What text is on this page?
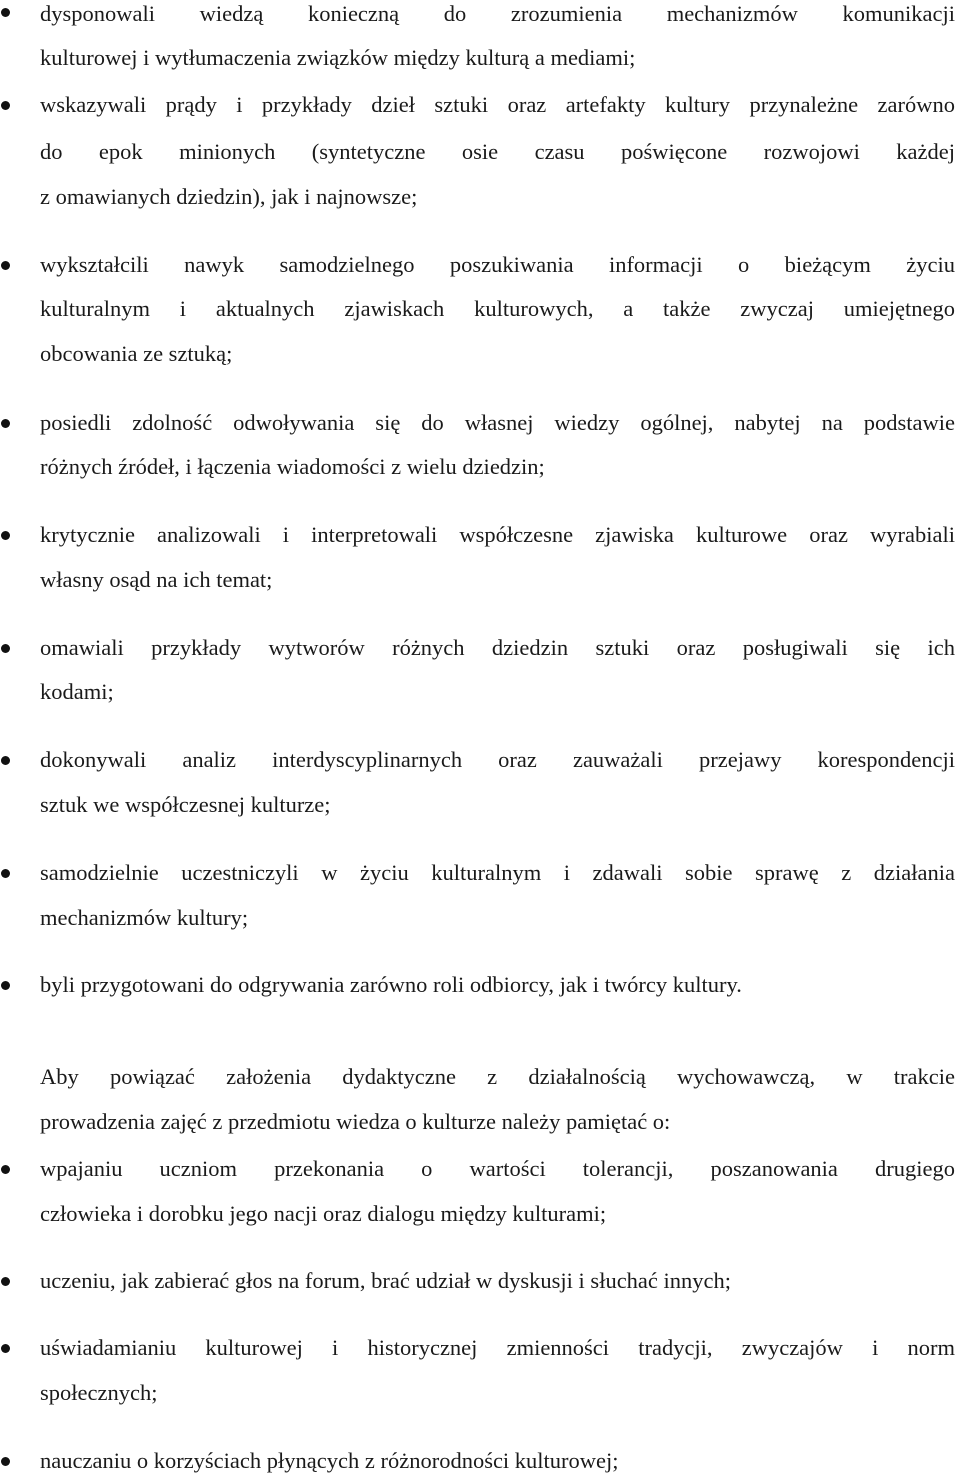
dysponowali wiedzą konieczną do zrozumienia mechanizmów komunikacji
kulturowej i wytłumaczenia związków między kulturą a mediami;
wskazywali prądy i przykłady dzieł sztuki oraz artefakty kultury przynależne zarówno
do epok minionych (syntetyczne osie czasu poświęcone rozwojowi każdej
z omawianych dziedzin), jak i najnowsze;
wykształcili nawyk samodzielnego poszukiwania informacji o bieżącym życiu
kulturalnym i aktualnych zjawiskach kulturowych, a także zwyczaj umiejętnego
obcowania ze sztuką;
posiedli zdolność odwoływania się do własnej wiedzy ogólnej, nabytej na podstawie
różnych źródeł, i łączenia wiadomości z wielu dziedzin;
krytycznie analizowali i interpretowali współczesne zjawiska kulturowe oraz wyrabiali
własny osąd na ich temat;
omawiali przykłady wytworów różnych dziedzin sztuki oraz posługiwali się ich
kodami;
dokonywali analiz interdyscyplinarnych oraz zauważali przejawy korespondencji
sztuk we współczesnej kulturze;
samodzielnie uczestniczyli w życiu kulturalnym i zdawali sobie sprawę z działania
mechanizmów kultury;
byli przygotowani do odgrywania zarówno roli odbiorcy, jak i twórcy kultury.
Aby powiązać założenia dydaktyczne z działalnością wychowawczą, w trakcie
prowadzenia zajęć z przedmiotu wiedza o kulturze należy pamiętać o:
wpajaniu uczniom przekonania o wartości tolerancji, poszanowania drugiego
człowieka i dorobku jego nacji oraz dialogu między kulturami;
uczeniu, jak zabierać głos na forum, brać udział w dyskusji i słuchać innych;
uświadamianiu kulturowej i historycznej zmienności tradycji, zwyczajów i norm
społecznych;
nauczaniu o korzyściach płynących z różnorodności kulturowej;
